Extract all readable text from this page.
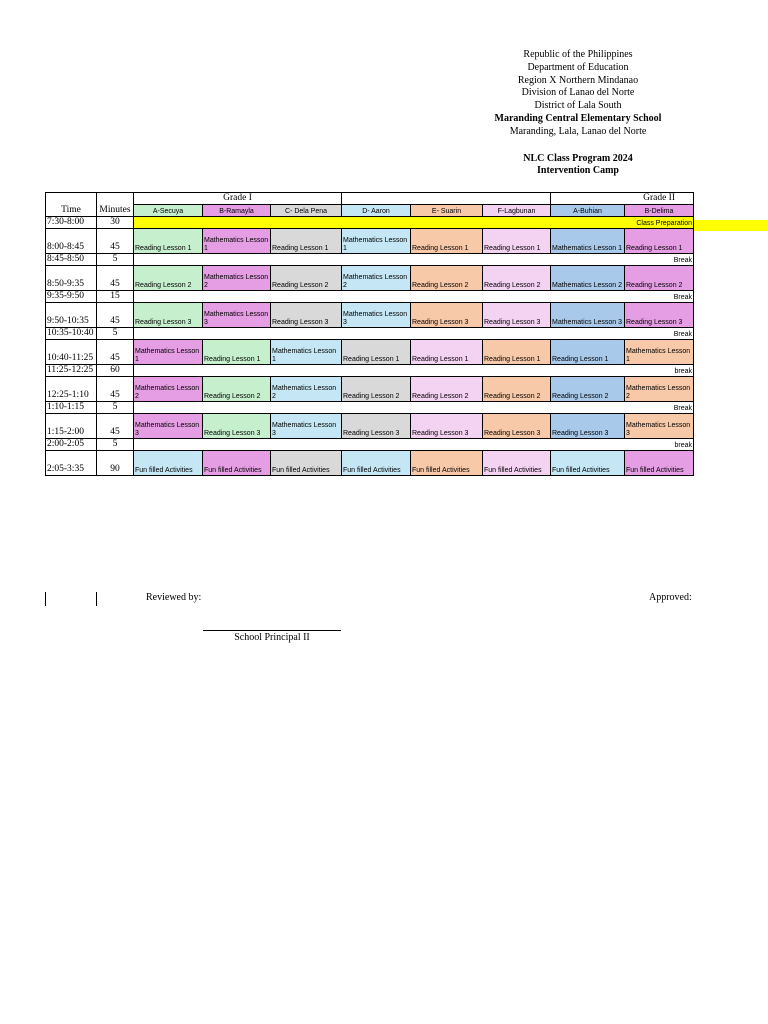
Republic of the Philippines
Department of Education
Region X Northern Mindanao
Division of Lanao del Norte
District of Lala South
Maranding Central Elementary School
Maranding, Lala, Lanao del Norte
NLC Class Program 2024
Intervention Camp
Time	Minutes	Grade I						Grade II	
		A-Secuya	B-Ramayla	C- Dela Pena	D- Aaron	E- Suarin	F-Lagbunan	A-Buhian	B-Delima
7:30-8:00	30	Class Preparation							
8:00-8:45	45	Reading Lesson 1	Mathematics Lesson 1	Reading Lesson 1	Mathematics Lesson 1	Reading Lesson 1	Reading Lesson 1	Mathematics Lesson 1	Reading Lesson 1
8:45-8:50	5	Break							
8:50-9:35	45	Reading Lesson 2	Mathematics Lesson 2	Reading Lesson 2	Mathematics Lesson 2	Reading Lesson 2	Reading Lesson 2	Mathematics Lesson 2	Reading Lesson 2
9:35-9:50	15	Break							
9:50-10:35	45	Reading Lesson 3	Mathematics Lesson 3	Reading Lesson 3	Mathematics Lesson 3	Reading Lesson 3	Reading Lesson 3	Mathematics Lesson 3	Reading Lesson 3
10:35-10:40	5	Break							
10:40-11:25	45	Mathematics Lesson 1	Reading Lesson 1	Mathematics Lesson 1	Reading Lesson 1	Reading Lesson 1	Reading Lesson 1	Reading Lesson 1	Mathematics Lesson 1
11:25-12:25	60	break							
12:25-1:10	45	Mathematics Lesson 2	Reading Lesson 2	Mathematics Lesson 2	Reading Lesson 2	Reading Lesson 2	Reading Lesson 2	Reading Lesson 2	Mathematics Lesson 2
1:10-1:15	5	Break							
1:15-2:00	45	Mathematics Lesson 3	Reading Lesson 3	Mathematics Lesson 3	Reading Lesson 3	Reading Lesson 3	Reading Lesson 3	Reading Lesson 3	Mathematics Lesson 3
2:00-2:05	5	break							
2:05-3:35	90	Fun filled Activities	Fun filled Activities	Fun filled Activities	Fun filled Activities	Fun filled Activities	Fun filled Activities	Fun filled Activities	Fun filled Activities
Reviewed by:	Approved:
School Principal II
